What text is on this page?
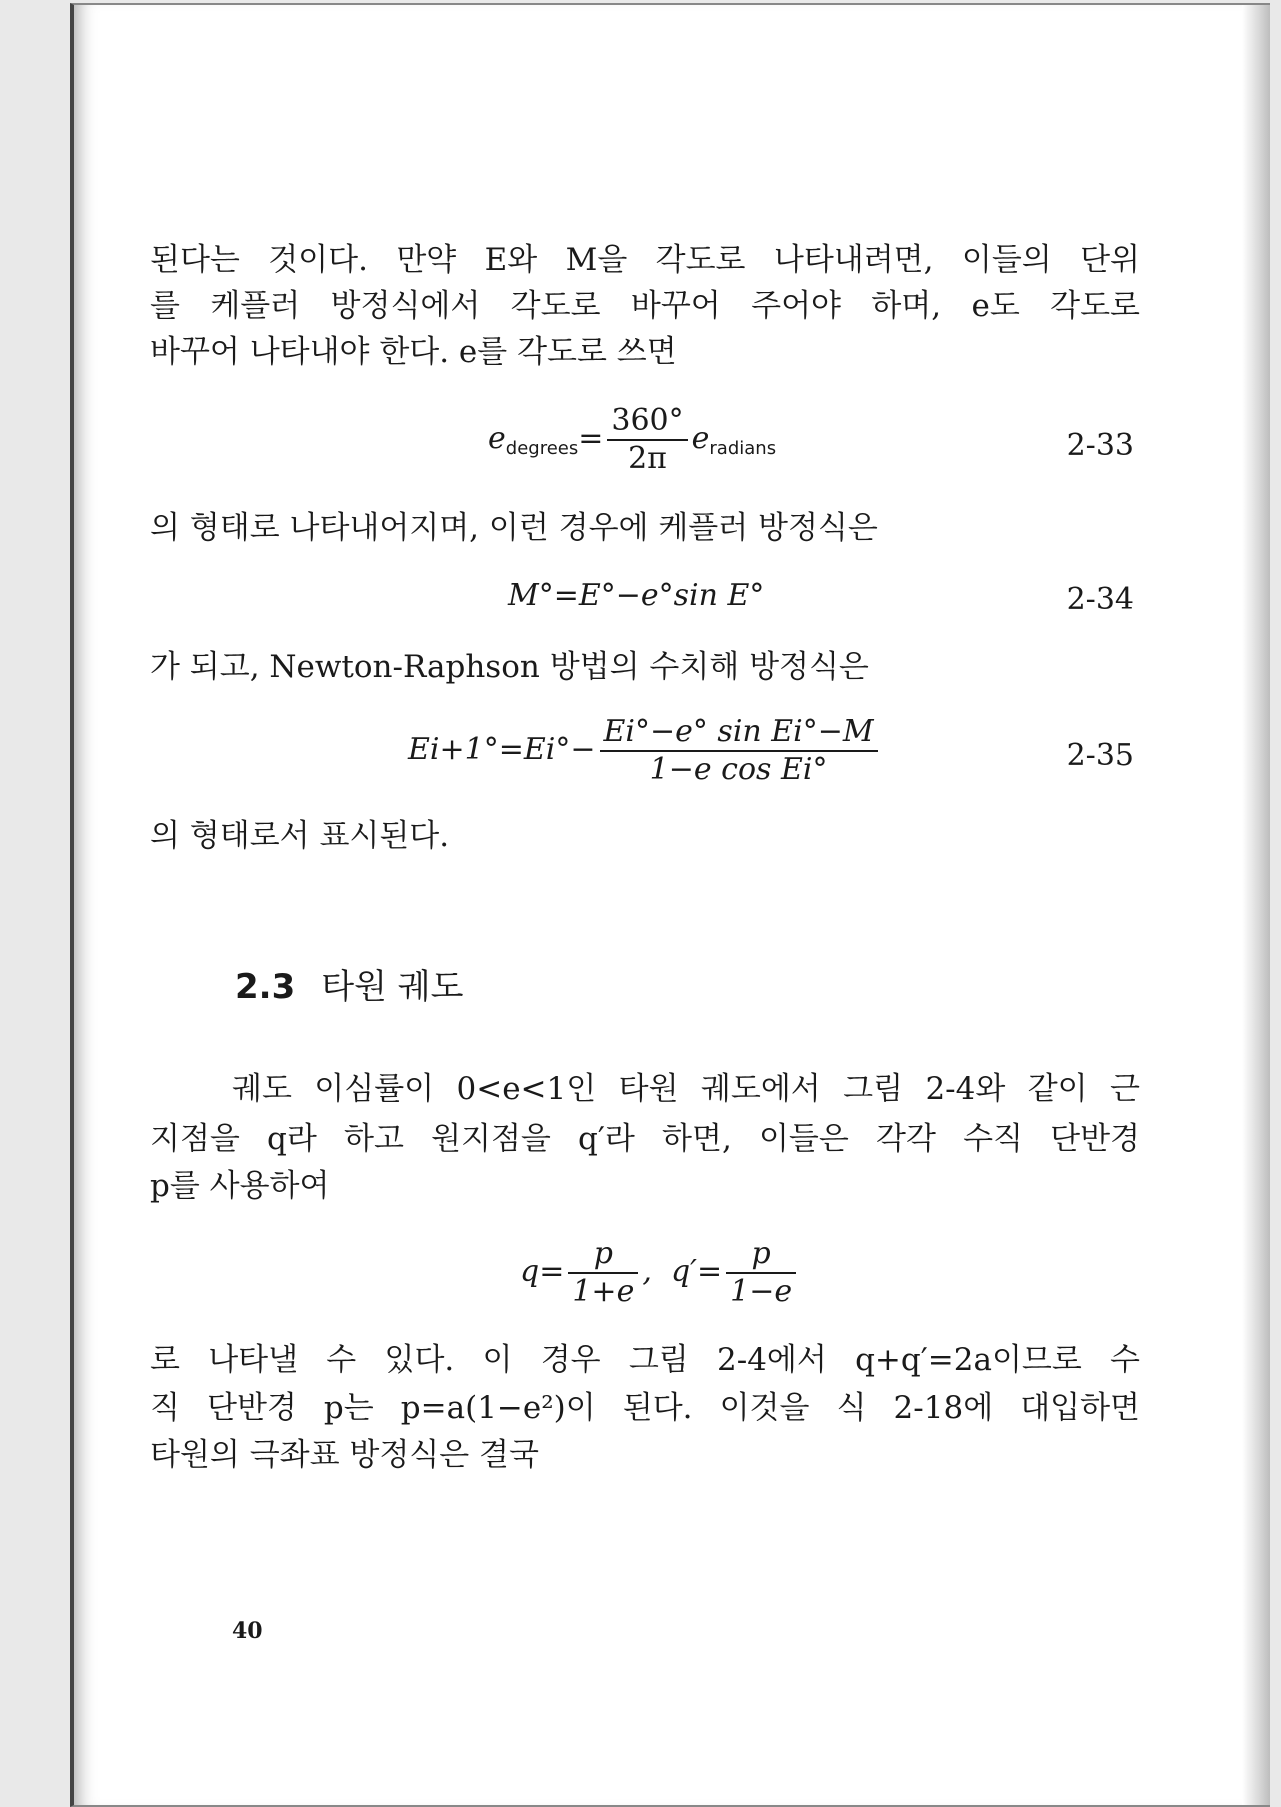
된다는 것이다. 만약 E와 M을 각도로 나타내려면, 이들의 단위
를 케플러 방정식에서 각도로 바꾸어 주어야 하며, e도 각도로
바꾸어 나타내야 한다. e를 각도로 쓰면
$e_{degrees}= \frac{360^\circ}{2\pi} e_{radians}$	2-33
의 형태로 나타내어지며, 이런 경우에 케플러 방정식은
M°=E°−e°sin E°	2-34
가 되고, Newton-Raphson 방법의 수치해 방정식은
$Ei+1^\circ=Ei^\circ- \frac{\text{Ei°−e° sin Ei°−M}}{\text{1−e cos Ei°}}$	2-35
의 형태로서 표시된다.
2.3 타원 궤도
궤도 이심률이 0<e<1인 타원 궤도에서 그림 2-4와 같이 근
지점을 q라 하고 원지점을 q′라 하면, 이들은 각각 수직 단반경
p를 사용하여
$q= \frac{p}{1+e}$ , $q'= \frac{p}{1-e}$
로 나타낼 수 있다. 이 경우 그림 2-4에서 q+q′=2a이므로 수
직 단반경 p는 p=a(1−e²)이 된다. 이것을 식 2-18에 대입하면
타원의 극좌표 방정식은 결국
40
